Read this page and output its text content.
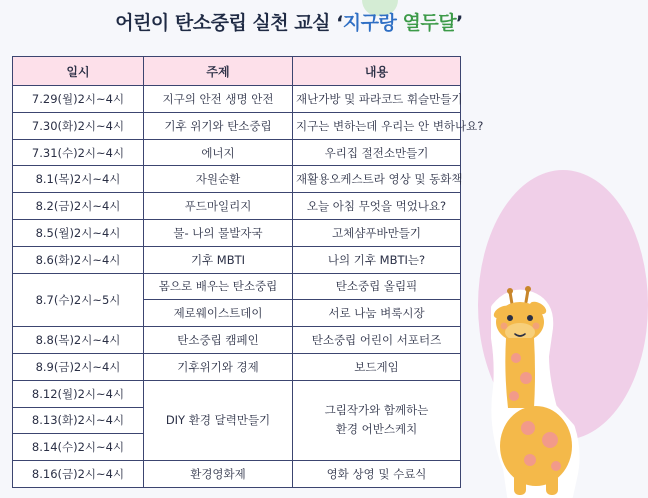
어린이 탄소중립 실천 교실 ‘지구랑 열두달’
일시	주제	내용
7.29(월)2시~4시	지구의 안전 생명 안전	재난가방 및 파라코드 휘슬만들기
7.30(화)2시~4시	기후 위기와 탄소중립	지구는 변하는데 우리는 안 변하나요?
7.31(수)2시~4시	에너지	우리집 절전소만들기
8.1(목)2시~4시	자원순환	재활용오케스트라 영상 및 동화책
8.2(금)2시~4시	푸드마일리지	오늘 아침 무엇을 먹었나요?
8.5(월)2시~4시	물- 나의 물발자국	고체샴푸바만들기
8.6(화)2시~4시	기후 MBTI	나의 기후 MBTI는?
8.7(수)2시~5시	몸으로 배우는 탄소중립	탄소중립 올림픽
	제로웨이스트데이	서로 나눔 벼룩시장
8.8(목)2시~4시	탄소중립 캠페인	탄소중립 어린이 서포터즈
8.9(금)2시~4시	기후위기와 경제	보드게임
8.12(월)2시~4시	DIY 환경 달력만들기	그림작가와 함께하는
환경 어반스케치

8.13(화)2시~4시		
8.14(수)2시~4시		
8.16(금)2시~4시	환경영화제	영화 상영 및 수료식
